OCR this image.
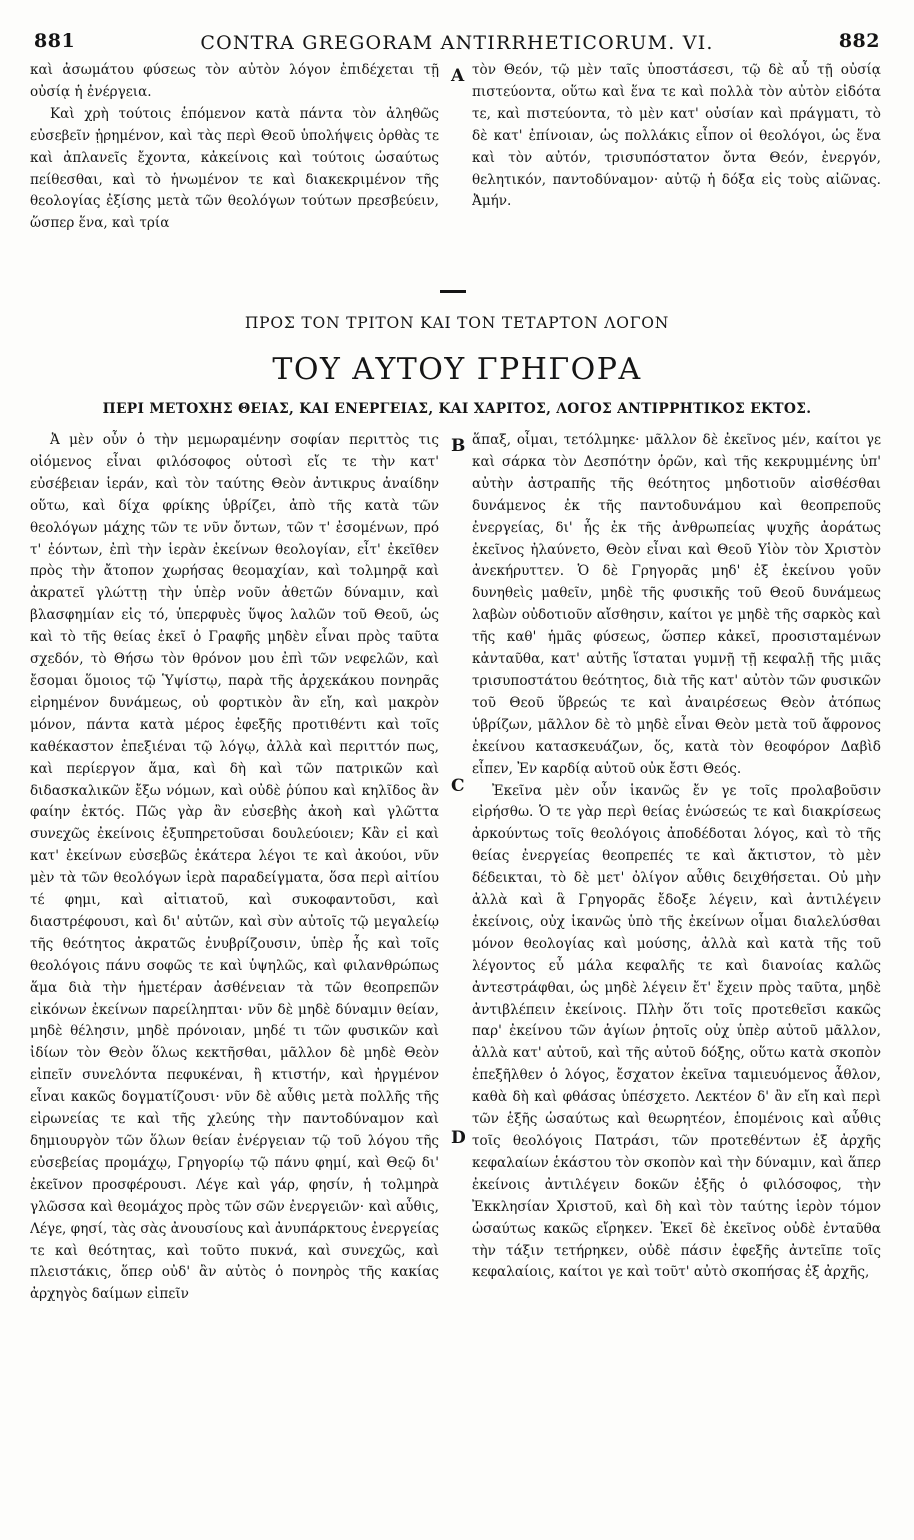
881	CONTRA GREGORAM ANTIRRHETICORUM. VI.	882

καὶ ἀσωμάτου φύσεως τὸν αὐτὸν λόγον ἐπιδέχεται τῇ οὐσίᾳ ἡ ἐνέργεια.

Καὶ χρὴ τούτοις ἑπόμενον κατὰ πάντα τὸν ἀληθῶς εὐσεβεῖν ᾑρημένον, καὶ τὰς περὶ Θεοῦ ὑπολήψεις ὀρθὰς τε καὶ ἀπλανεῖς ἔχοντα, κἀκείνοις καὶ τούτοις ὡσαύτως πείθεσθαι, καὶ τὸ ἡνωμένον τε καὶ διακεκριμένον τῆς θεολογίας ἐξίσης μετὰ τῶν θεολόγων τούτων πρεσβεύειν, ὥσπερ ἕνα, καὶ τρία

A τὸν Θεόν, τῷ μὲν ταῖς ὑποστάσεσι, τῷ δὲ αὖ τῇ οὐσίᾳ πιστεύοντα, οὕτω καὶ ἕνα τε καὶ πολλὰ τὸν αὐτὸν εἰδότα τε, καὶ πιστεύοντα, τὸ μὲν κατ' οὐσίαν καὶ πράγματι, τὸ δὲ κατ' ἐπίνοιαν, ὡς πολλάκις εἶπον οἱ θεολόγοι, ὡς ἕνα καὶ τὸν αὐτόν, τρισυπόστατον ὄντα Θεόν, ἐνεργόν, θελητικόν, παντοδύναμον· αὐτῷ ἡ δόξα εἰς τοὺς αἰῶνας. Ἀμήν.

ΠΡΟΣ ΤΟΝ ΤΡΙΤΟΝ ΚΑΙ ΤΟΝ ΤΕΤΑΡΤΟΝ ΛΟΓΟΝ
ΤΟΥ ΑΥΤΟΥ ΓΡΗΓΟΡΑ
ΠΕΡΙ ΜΕΤΟΧΗΣ ΘΕΙΑΣ, ΚΑΙ ΕΝΕΡΓΕΙΑΣ, ΚΑΙ ΧΑΡΙΤΟΣ, ΛΟΓΟΣ ΑΝΤΙΡΡΗΤΙΚΟΣ ΕΚΤΟΣ.

Ἀ μὲν οὖν ὁ τὴν μεμωραμένην σοφίαν περιττὸς τις οἰόμενος εἶναι φιλόσοφος οὑτοσὶ εἴς τε τὴν κατ' εὐσέβειαν ἱεράν, καὶ τὸν ταύτης Θεὸν ἀντικρυς ἀναίδην οὕτω, καὶ δίχα φρίκης ὑβρίζει, ἀπὸ τῆς κατὰ τῶν θεολόγων μάχης τῶν τε νῦν ὄντων, τῶν τ' ἐσομένων, πρό τ' ἐόντων, ἐπὶ τὴν ἱερὰν ἐκείνων θεολογίαν, εἶτ' ἐκεῖθεν πρὸς τὴν ἄτοπον χωρήσας θεομαχίαν, καὶ τολμηρᾷ καὶ ἀκρατεῖ γλώττῃ τὴν ὑπὲρ νοῦν ἀθετῶν δύναμιν, καὶ βλασφημίαν εἰς τό, ὑπερφυὲς ὕψος λαλῶν τοῦ Θεοῦ, ὡς καὶ τὸ τῆς θείας ἐκεῖ ὁ Γραφῆς μηδὲν εἶναι πρὸς ταῦτα σχεδόν, τὸ Θήσω τὸν θρόνον μου ἐπὶ τῶν νεφελῶν, καὶ ἔσομαι ὅμοιος τῷ Ὑψίστῳ, παρὰ τῆς ἀρχεκάκου πονηρᾶς εἰρημένον δυνάμεως, οὐ φορτικὸν ἂν εἴη, καὶ μακρὸν μόνον, πάντα κατὰ μέρος ἐφεξῆς προτιθέντι καὶ τοῖς καθέκαστον ἐπεξιέναι τῷ λόγῳ, ἀλλὰ καὶ περιττόν πως, καὶ περίεργον ἅμα, καὶ δὴ καὶ τῶν πατρικῶν καὶ διδασκαλικῶν ἔξω νόμων, καὶ οὐδὲ ῥύπου καὶ κηλῖδος ἂν φαίην ἐκτός. Πῶς γὰρ ἂν εὐσεβὴς ἀκοὴ καὶ γλῶττα συνεχῶς ἐκείνοις ἐξυπηρετοῦσαι δουλεύοιεν; Κἂν εἰ καὶ κατ' ἐκείνων εὐσεβῶς ἑκάτερα λέγοι τε καὶ ἀκούοι, νῦν μὲν τὰ τῶν θεολόγων ἱερὰ παραδείγματα, ὅσα περὶ αἰτίου τέ φημι, καὶ αἰτιατοῦ, καὶ συκοφαντοῦσι, καὶ διαστρέφουσι, καὶ δι' αὐτῶν, καὶ σὺν αὐτοῖς τῷ μεγαλείῳ τῆς θεότητος ἀκρατῶς ἐνυβρίζουσιν, ὑπὲρ ἧς καὶ τοῖς θεολόγοις πάνυ σοφῶς τε καὶ ὑψηλῶς, καὶ φιλανθρώπως ἅμα διὰ τὴν ἡμετέραν ἀσθένειαν τὰ τῶν θεοπρεπῶν εἰκόνων ἐκείνων παρείληπται· νῦν δὲ μηδὲ δύναμιν θείαν, μηδὲ θέλησιν, μηδὲ πρόνοιαν, μηδέ τι τῶν φυσικῶν καὶ ἰδίων τὸν Θεὸν ὅλως κεκτῆσθαι, μᾶλλον δὲ μηδὲ Θεὸν εἰπεῖν συνελόντα πεφυκέναι, ἢ κτιστήν, καὶ ἠργμένον εἶναι κακῶς δογματίζουσι· νῦν δὲ αὖθις μετὰ πολλῆς τῆς εἰρωνείας τε καὶ τῆς χλεύης τὴν παντοδύναμον καὶ δημιουργὸν τῶν ὅλων θείαν ἐνέργειαν τῷ τοῦ λόγου τῆς εὐσεβείας προμάχῳ, Γρηγορίῳ τῷ πάνυ φημί, καὶ Θεῷ δι' ἐκεῖνον προσφέρουσι. Λέγε καὶ γάρ, φησίν, ἡ τολμηρὰ γλῶσσα καὶ θεομάχος πρὸς τῶν σῶν ἐνεργειῶν· καὶ αὖθις, Λέγε, φησί, τὰς σὰς ἀνουσίους καὶ ἀνυπάρκτους ἐνεργείας τε καὶ θεότητας, καὶ τοῦτο πυκνά, καὶ συνεχῶς, καὶ πλειστάκις, ὅπερ οὐδ' ἂν αὐτὸς ὁ πονηρὸς τῆς κακίας ἀρχηγὸς δαίμων εἰπεῖν

B
C
D

ἅπαξ, οἶμαι, τετόλμηκε· μᾶλλον δὲ ἐκεῖνος μέν, καίτοι γε καὶ σάρκα τὸν Δεσπότην ὁρῶν, καὶ τῆς κεκρυμμένης ὑπ' αὐτὴν ἀστραπῆς τῆς θεότητος μηδοτιοῦν αἰσθέσθαι δυνάμενος ἐκ τῆς παντοδυνάμου καὶ θεοπρεποῦς ἐνεργείας, δι' ἧς ἐκ τῆς ἀνθρωπείας ψυχῆς ἀοράτως ἐκεῖνος ἠλαύνετο, Θεὸν εἶναι καὶ Θεοῦ Υἱὸν τὸν Χριστὸν ἀνεκήρυττεν. Ὁ δὲ Γρηγορᾶς μηδ' ἐξ ἐκείνου γοῦν δυνηθεὶς μαθεῖν, μηδὲ τῆς φυσικῆς τοῦ Θεοῦ δυνάμεως λαβὼν οὐδοτιοῦν αἴσθησιν, καίτοι γε μηδὲ τῆς σαρκὸς καὶ τῆς καθ' ἡμᾶς φύσεως, ὥσπερ κἀκεῖ, προσισταμένων κἀνταῦθα, κατ' αὐτῆς ἵσταται γυμνῇ τῇ κεφαλῇ τῆς μιᾶς τρισυποστάτου θεότητος, διὰ τῆς κατ' αὐτὸν τῶν φυσικῶν τοῦ Θεοῦ ὕβρεώς τε καὶ ἀναιρέσεως Θεὸν ἀτόπως ὑβρίζων, μᾶλλον δὲ τὸ μηδὲ εἶναι Θεὸν μετὰ τοῦ ἄφρονος ἐκείνου κατασκευάζων, ὅς, κατὰ τὸν θεοφόρον Δαβὶδ εἶπεν, Ἐν καρδίᾳ αὐτοῦ οὐκ ἔστι Θεός.

Ἐκεῖνα μὲν οὖν ἱκανῶς ἔν γε τοῖς προλαβοῦσιν εἰρήσθω. Ὁ τε γὰρ περὶ θείας ἑνώσεώς τε καὶ διακρίσεως ἀρκούντως τοῖς θεολόγοις ἀποδέδοται λόγος, καὶ τὸ τῆς θείας ἐνεργείας θεοπρεπές τε καὶ ἄκτιστον, τὸ μὲν δέδεικται, τὸ δὲ μετ' ὀλίγον αὖθις δειχθήσεται. Οὐ μὴν ἀλλὰ καὶ ἃ Γρηγορᾶς ἔδοξε λέγειν, καὶ ἀντιλέγειν ἐκείνοις, οὐχ ἱκανῶς ὑπὸ τῆς ἐκείνων οἶμαι διαλελύσθαι μόνον θεολογίας καὶ μούσης, ἀλλὰ καὶ κατὰ τῆς τοῦ λέγοντος εὖ μάλα κεφαλῆς τε καὶ διανοίας καλῶς ἀντεστράφθαι, ὡς μηδὲ λέγειν ἔτ' ἔχειν πρὸς ταῦτα, μηδὲ ἀντιβλέπειν ἐκείνοις. Πλὴν ὅτι τοῖς προτεθεῖσι κακῶς παρ' ἐκείνου τῶν ἁγίων ῥητοῖς οὐχ ὑπὲρ αὐτοῦ μᾶλλον, ἀλλὰ κατ' αὐτοῦ, καὶ τῆς αὐτοῦ δόξης, οὕτω κατὰ σκοπὸν ἐπεξῆλθεν ὁ λόγος, ἔσχατον ἐκεῖνα ταμιευόμενος ἆθλον, καθὰ δὴ καὶ φθάσας ὑπέσχετο. Λεκτέον δ' ἂν εἴη καὶ περὶ τῶν ἑξῆς ὡσαύτως καὶ θεωρητέον, ἑπομένοις καὶ αὖθις τοῖς θεολόγοις Πατράσι, τῶν προτεθέντων ἐξ ἀρχῆς κεφαλαίων ἑκάστου τὸν σκοπὸν καὶ τὴν δύναμιν, καὶ ἅπερ ἐκείνοις ἀντιλέγειν δοκῶν ἐξῆς ὁ φιλόσοφος, τὴν Ἐκκλησίαν Χριστοῦ, καὶ δὴ καὶ τὸν ταύτης ἱερὸν τόμον ὡσαύτως κακῶς εἴρηκεν. Ἐκεῖ δὲ ἐκεῖνος οὐδὲ ἐνταῦθα τὴν τάξιν τετήρηκεν, οὐδὲ πάσιν ἐφεξῆς ἀντεῖπε τοῖς κεφαλαίοις, καίτοι γε καὶ τοῦτ' αὐτὸ σκοπήσας ἐξ ἀρχῆς,
